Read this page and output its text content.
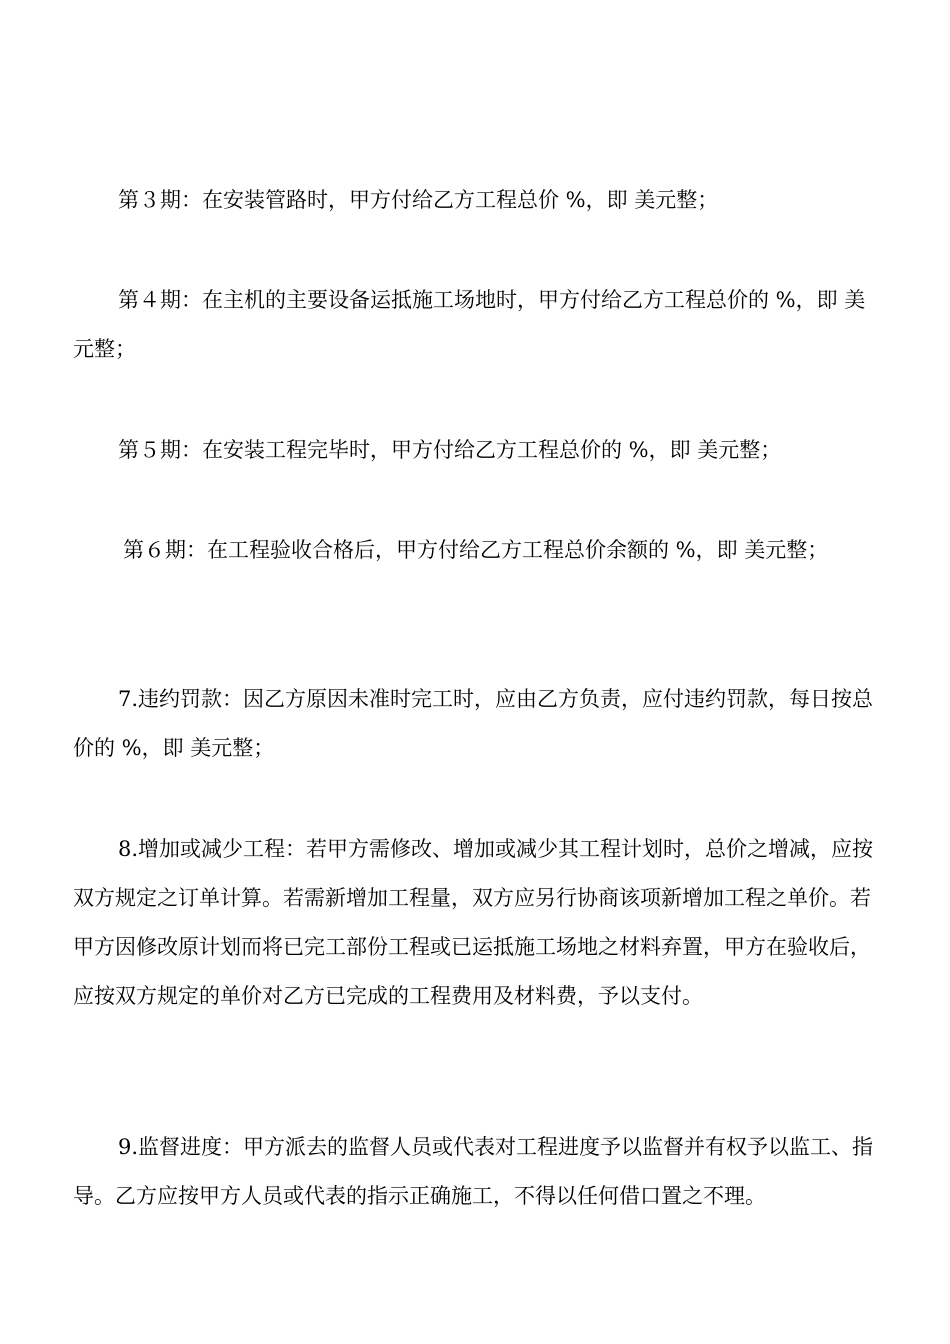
第３期：在安装管路时，甲方付给乙方工程总价 %，即 美元整；

第４期：在主机的主要设备运抵施工场地时，甲方付给乙方工程总价的 %，即 美元整；

第５期：在安装工程完毕时，甲方付给乙方工程总价的 %，即 美元整；

第６期：在工程验收合格后，甲方付给乙方工程总价余额的 %，即 美元整；

7.违约罚款：因乙方原因未准时完工时，应由乙方负责，应付违约罚款，每日按总价的 %，即 美元整；

8.增加或减少工程：若甲方需修改、增加或减少其工程计划时，总价之增减，应按双方规定之订单计算。若需新增加工程量，双方应另行协商该项新增加工程之单价。若甲方因修改原计划而将已完工部份工程或已运抵施工场地之材料弃置，甲方在验收后，应按双方规定的单价对乙方已完成的工程费用及材料费，予以支付。

9.监督进度：甲方派去的监督人员或代表对工程进度予以监督并有权予以监工、指导。乙方应按甲方人员或代表的指示正确施工，不得以任何借口置之不理。
